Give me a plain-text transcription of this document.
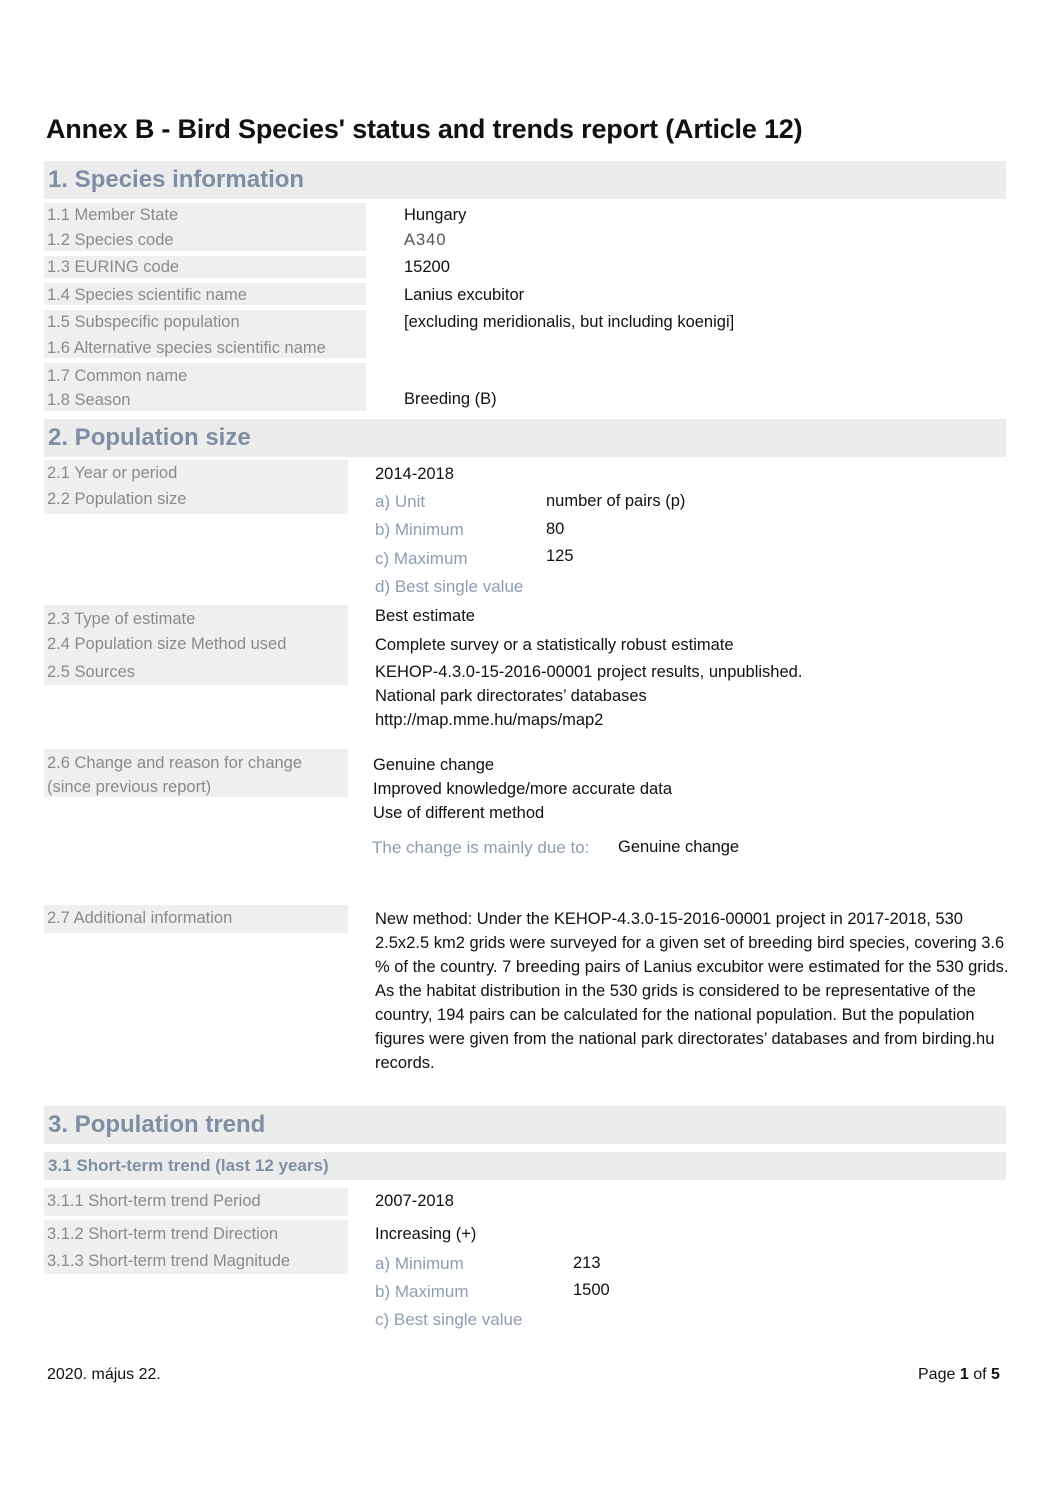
Annex B - Bird Species' status and trends report (Article 12)
1. Species information
1.1 Member State	Hungary
1.2 Species code	A340
1.3 EURING code	15200
1.4 Species scientific name	Lanius excubitor
1.5 Subspecific population	[excluding meridionalis, but including koenigi]
1.6 Alternative species scientific name
1.7 Common name
1.8 Season	Breeding (B)
2. Population size
2.1 Year or period	2014-2018
2.2 Population size	a) Unit	number of pairs (p)
b) Minimum	80
c) Maximum	125
d) Best single value
2.3 Type of estimate	Best estimate
2.4 Population size Method used	Complete survey or a statistically robust estimate
2.5 Sources	KEHOP-4.3.0-15-2016-00001 project results, unpublished.
National park directorates’ databases
http://map.mme.hu/maps/map2
2.6 Change and reason for change
(since previous report)
Genuine change
Improved knowledge/more accurate data
Use of different method
The change is mainly due to: Genuine change
2.7 Additional information	New method: Under the KEHOP-4.3.0-15-2016-00001 project in 2017-2018, 530 2.5x2.5 km2 grids were surveyed for a given set of breeding bird species, covering 3.6 % of the country. 7 breeding pairs of Lanius excubitor were estimated for the 530 grids.

As the habitat distribution in the 530 grids is considered to be representative of the country, 194 pairs can be calculated for the national population. But the population figures were given from the national park directorates’ databases and from birding.hu records.

3. Population trend
3.1 Short-term trend (last 12 years)
3.1.1 Short-term trend Period	2007-2018
3.1.2 Short-term trend Direction	Increasing (+)
3.1.3 Short-term trend Magnitude	a) Minimum	213
b) Maximum	1500
c) Best single value
2020. május 22.	Page 1 of 5
